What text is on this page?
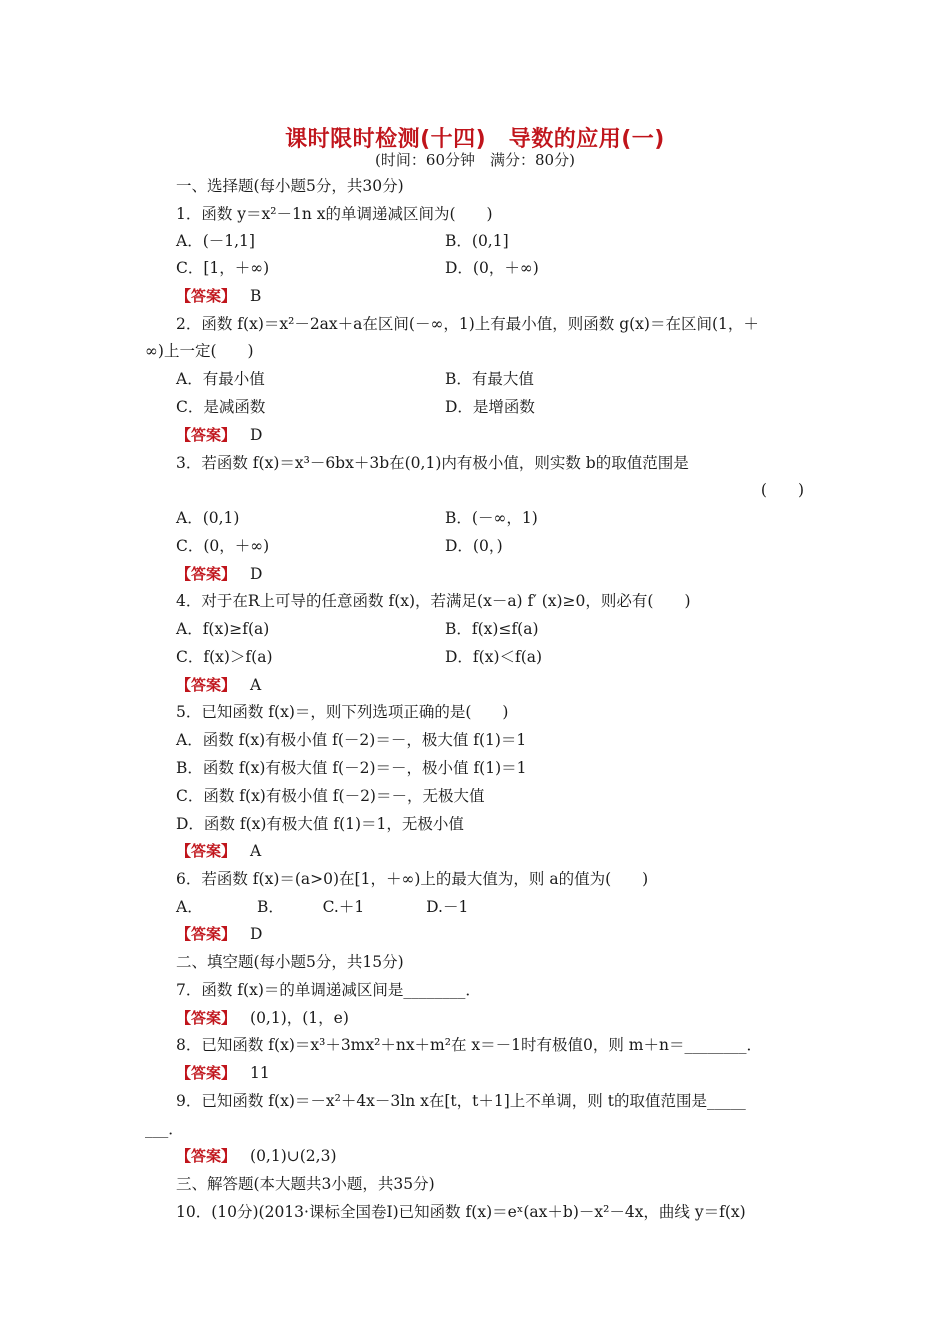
课时限时检测(十四)　导数的应用(一)
(时间：60分钟　满分：80分)
一、选择题(每小题5分，共30分)
1．函数 y＝x²－1n x的单调递减区间为(　　)
A．(－1,1]	B．(0,1]
C．[1，＋∞)	D．(0，＋∞)
【答案】 B
2．函数 f(x)＝x²－2ax＋a在区间(－∞，1)上有最小值，则函数 g(x)＝在区间(1，＋
∞)上一定(　　)
A．有最小值	B．有最大值
C．是减函数	D．是增函数
【答案】 D
3．若函数 f(x)＝x³－6bx＋3b在(0,1)内有极小值，则实数 b的取值范围是
(　　)
A．(0,1)	B．(－∞，1)
C．(0，＋∞)	D．(0，)
【答案】 D
4．对于在R上可导的任意函数 f(x)，若满足(x－a) f′ (x)≥0，则必有(　　)
A．f(x)≥f(a)	B．f(x)≤f(a)
C．f(x)＞f(a)	D．f(x)＜f(a)
【答案】 A
5．已知函数 f(x)＝，则下列选项正确的是(　　)
A．函数 f(x)有极小值 f(－2)＝－，极大值 f(1)＝1
B．函数 f(x)有极大值 f(－2)＝－，极小值 f(1)＝1
C．函数 f(x)有极小值 f(－2)＝－，无极大值
D．函数 f(x)有极大值 f(1)＝1，无极小值
【答案】 A
6．若函数 f(x)＝(a>0)在[1，＋∞)上的最大值为，则 a的值为(　　)
A．　　　　B．　　　C.＋1　　　　D.－1
【答案】 D
二、填空题(每小题5分，共15分)
7．函数 f(x)＝的单调递减区间是________．
【答案】 (0,1)，(1，e)
8．已知函数 f(x)＝x³＋3mx²＋nx＋m²在 x＝－1时有极值0，则 m＋n＝________．
【答案】 11
9．已知函数 f(x)＝－x²＋4x－3ln x在[t，t＋1]上不单调，则 t的取值范围是_____
___．
【答案】 (0,1)∪(2,3)
三、解答题(本大题共3小题，共35分)
10．(10分)(2013·课标全国卷Ⅰ)已知函数 f(x)＝eˣ(ax＋b)－x²－4x，曲线 y＝f(x)
